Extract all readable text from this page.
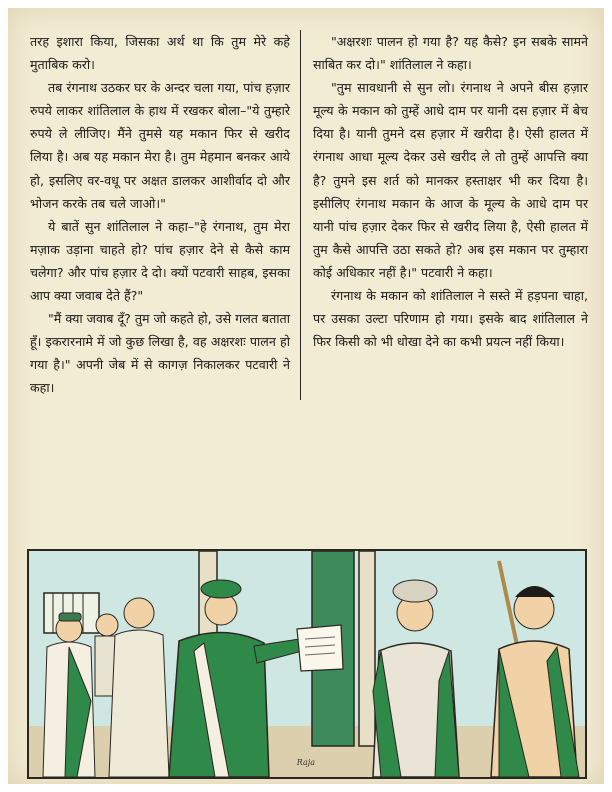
तरह इशारा किया, जिसका अर्थ था कि तुम मेरे कहे मुताबिक करो।

तब रंगनाथ उठकर घर के अन्दर चला गया, पांच हज़ार रुपये लाकर शांतिलाल के हाथ में रखकर बोला–"ये तुम्हारे रुपये ले लीजिए। मैंने तुमसे यह मकान फिर से खरीद लिया है। अब यह मकान मेरा है। तुम मेहमान बनकर आये हो, इसलिए वर-वधू पर अक्षत डालकर आशीर्वाद दो और भोजन करके तब चले जाओ।"

ये बातें सुन शांतिलाल ने कहा–"हे रंगनाथ, तुम मेरा मज़ाक उड़ाना चाहते हो? पांच हज़ार देने से कैसे काम चलेगा? और पांच हज़ार दे दो। क्यों पटवारी साहब, इसका आप क्या जवाब देते हैं?"

"मैं क्या जवाब दूँ? तुम जो कहते हो, उसे गलत बताता हूँ। इकरारनामे में जो कुछ लिखा है, वह अक्षरशः पालन हो गया है।" अपनी जेब में से कागज़ निकालकर पटवारी ने कहा।

"अक्षरशः पालन हो गया है? यह कैसे? इन सबके सामने साबित कर दो।" शांतिलाल ने कहा।

"तुम सावधानी से सुन लो। रंगनाथ ने अपने बीस हज़ार मूल्य के मकान को तुम्हें आधे दाम पर यानी दस हज़ार में बेच दिया है। यानी तुमने दस हज़ार में खरीदा है। ऐसी हालत में रंगनाथ आधा मूल्य देकर उसे खरीद ले तो तुम्हें आपत्ति क्या है? तुमने इस शर्त को मानकर हस्ताक्षर भी कर दिया है। इसीलिए रंगनाथ मकान के आज के मूल्य के आधे दाम पर यानी पांच हज़ार देकर फिर से खरीद लिया है, ऐसी हालत में तुम कैसे आपत्ति उठा सकते हो? अब इस मकान पर तुम्हारा कोई अधिकार नहीं है।" पटवारी ने कहा।

रंगनाथ के मकान को शांतिलाल ने सस्ते में हड़पना चाहा, पर उसका उल्टा परिणाम हो गया। इसके बाद शांतिलाल ने फिर किसी को भी धोखा देने का कभी प्रयत्न नहीं किया।

Raja
